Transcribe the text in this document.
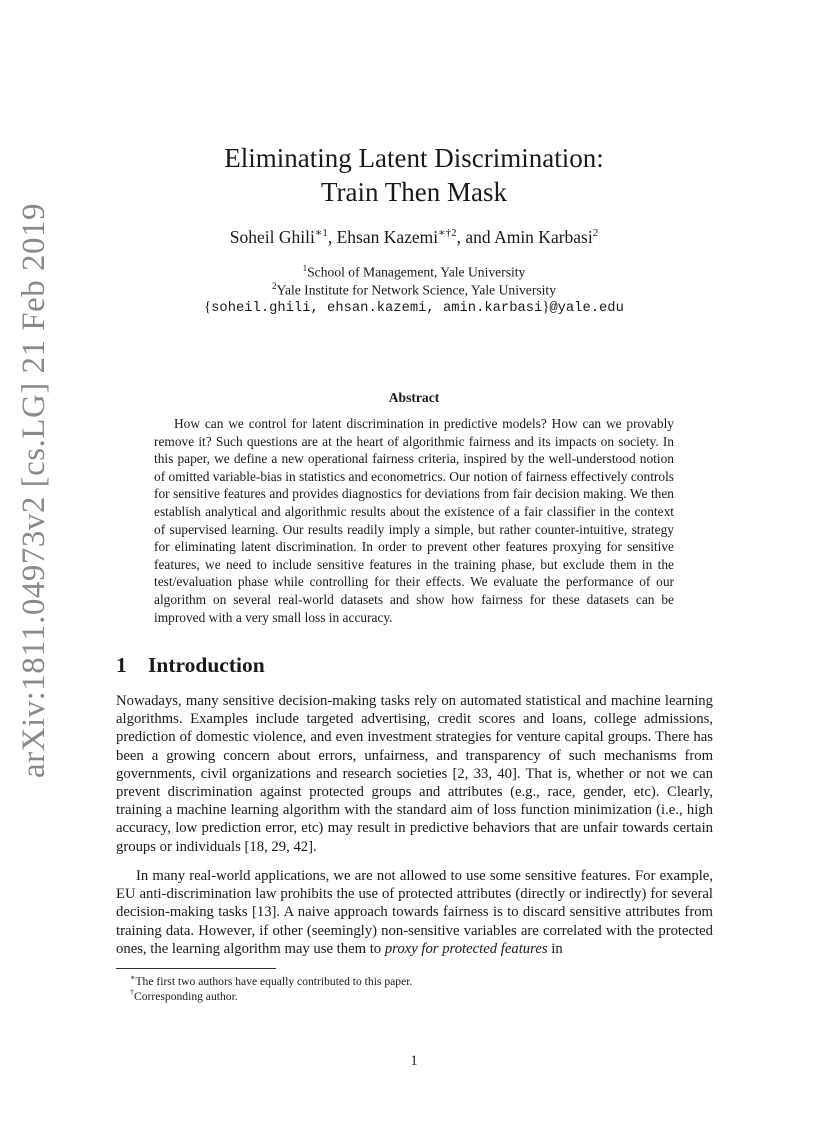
arXiv:1811.04973v2 [cs.LG] 21 Feb 2019
Eliminating Latent Discrimination:
Train Then Mask
Soheil Ghili$^{∗1}$, Ehsan Kazemi$^{∗\dagger 2}$, and Amin Karbasi$^2$
$^1$School of Management, Yale University
$^2$Yale Institute for Network Science, Yale University
{soheil.ghili, ehsan.kazemi, amin.karbasi}@yale.edu
Abstract

How can we control for latent discrimination in predictive models? How can we provably remove it? Such questions are at the heart of algorithmic fairness and its impacts on society. In this paper, we define a new operational fairness criteria, inspired by the well-understood notion of omitted variable-bias in statistics and econometrics. Our notion of fairness effectively controls for sensitive features and provides diagnostics for deviations from fair decision making. We then establish analytical and algorithmic results about the existence of a fair classifier in the context of supervised learning. Our results readily imply a simple, but rather counter-intuitive, strategy for eliminating latent discrimination. In order to prevent other features proxying for sensitive features, we need to include sensitive features in the training phase, but exclude them in the test/evaluation phase while controlling for their effects. We evaluate the performance of our algorithm on several real-world datasets and show how fairness for these datasets can be improved with a very small loss in accuracy.

1 Introduction

Nowadays, many sensitive decision-making tasks rely on automated statistical and machine learning algorithms. Examples include targeted advertising, credit scores and loans, college admissions, prediction of domestic violence, and even investment strategies for venture capital groups. There has been a growing concern about errors, unfairness, and transparency of such mechanisms from governments, civil organizations and research societies [2, 33, 40]. That is, whether or not we can prevent discrimination against protected groups and attributes (e.g., race, gender, etc). Clearly, training a machine learning algorithm with the standard aim of loss function minimization (i.e., high accuracy, low prediction error, etc) may result in predictive behaviors that are unfair towards certain groups or individuals [18, 29, 42].

In many real-world applications, we are not allowed to use some sensitive features. For example, EU anti-discrimination law prohibits the use of protected attributes (directly or indirectly) for several decision-making tasks [13]. A naive approach towards fairness is to discard sensitive attributes from training data. However, if other (seemingly) non-sensitive variables are correlated with the protected ones, the learning algorithm may use them to proxy for protected features in

∗The first two authors have equally contributed to this paper.
†Corresponding author.
1
